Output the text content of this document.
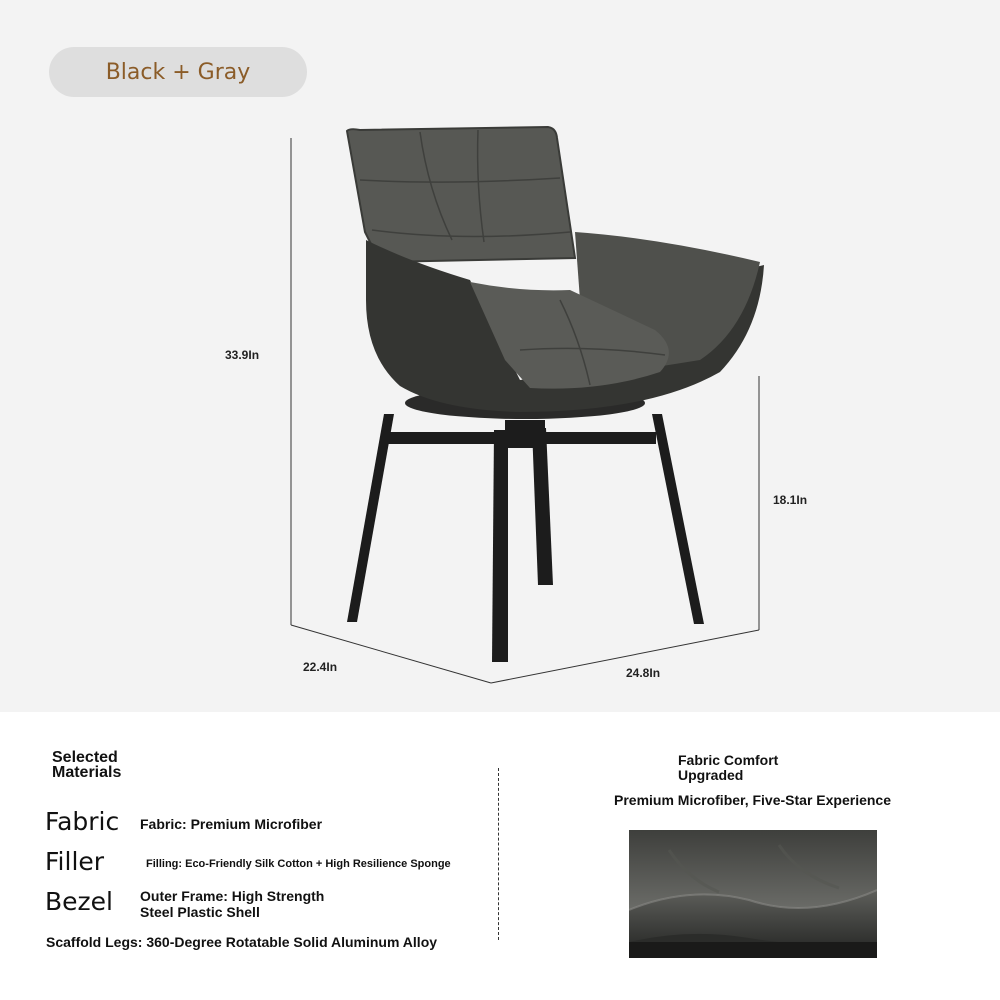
Black + Gray
33.9In
18.1In
22.4In	24.8In
Selected
Materials
Fabric Fabric: Premium Microfiber
Filler	Filling: Eco-Friendly Silk Cotton + High Resilience Sponge
Bezel Outer Frame: High Strength
Steel Plastic Shell
Scaffold Legs: 360-Degree Rotatable Solid Aluminum Alloy
Fabric Comfort
Upgraded
Premium Microfiber, Five-Star Experience
